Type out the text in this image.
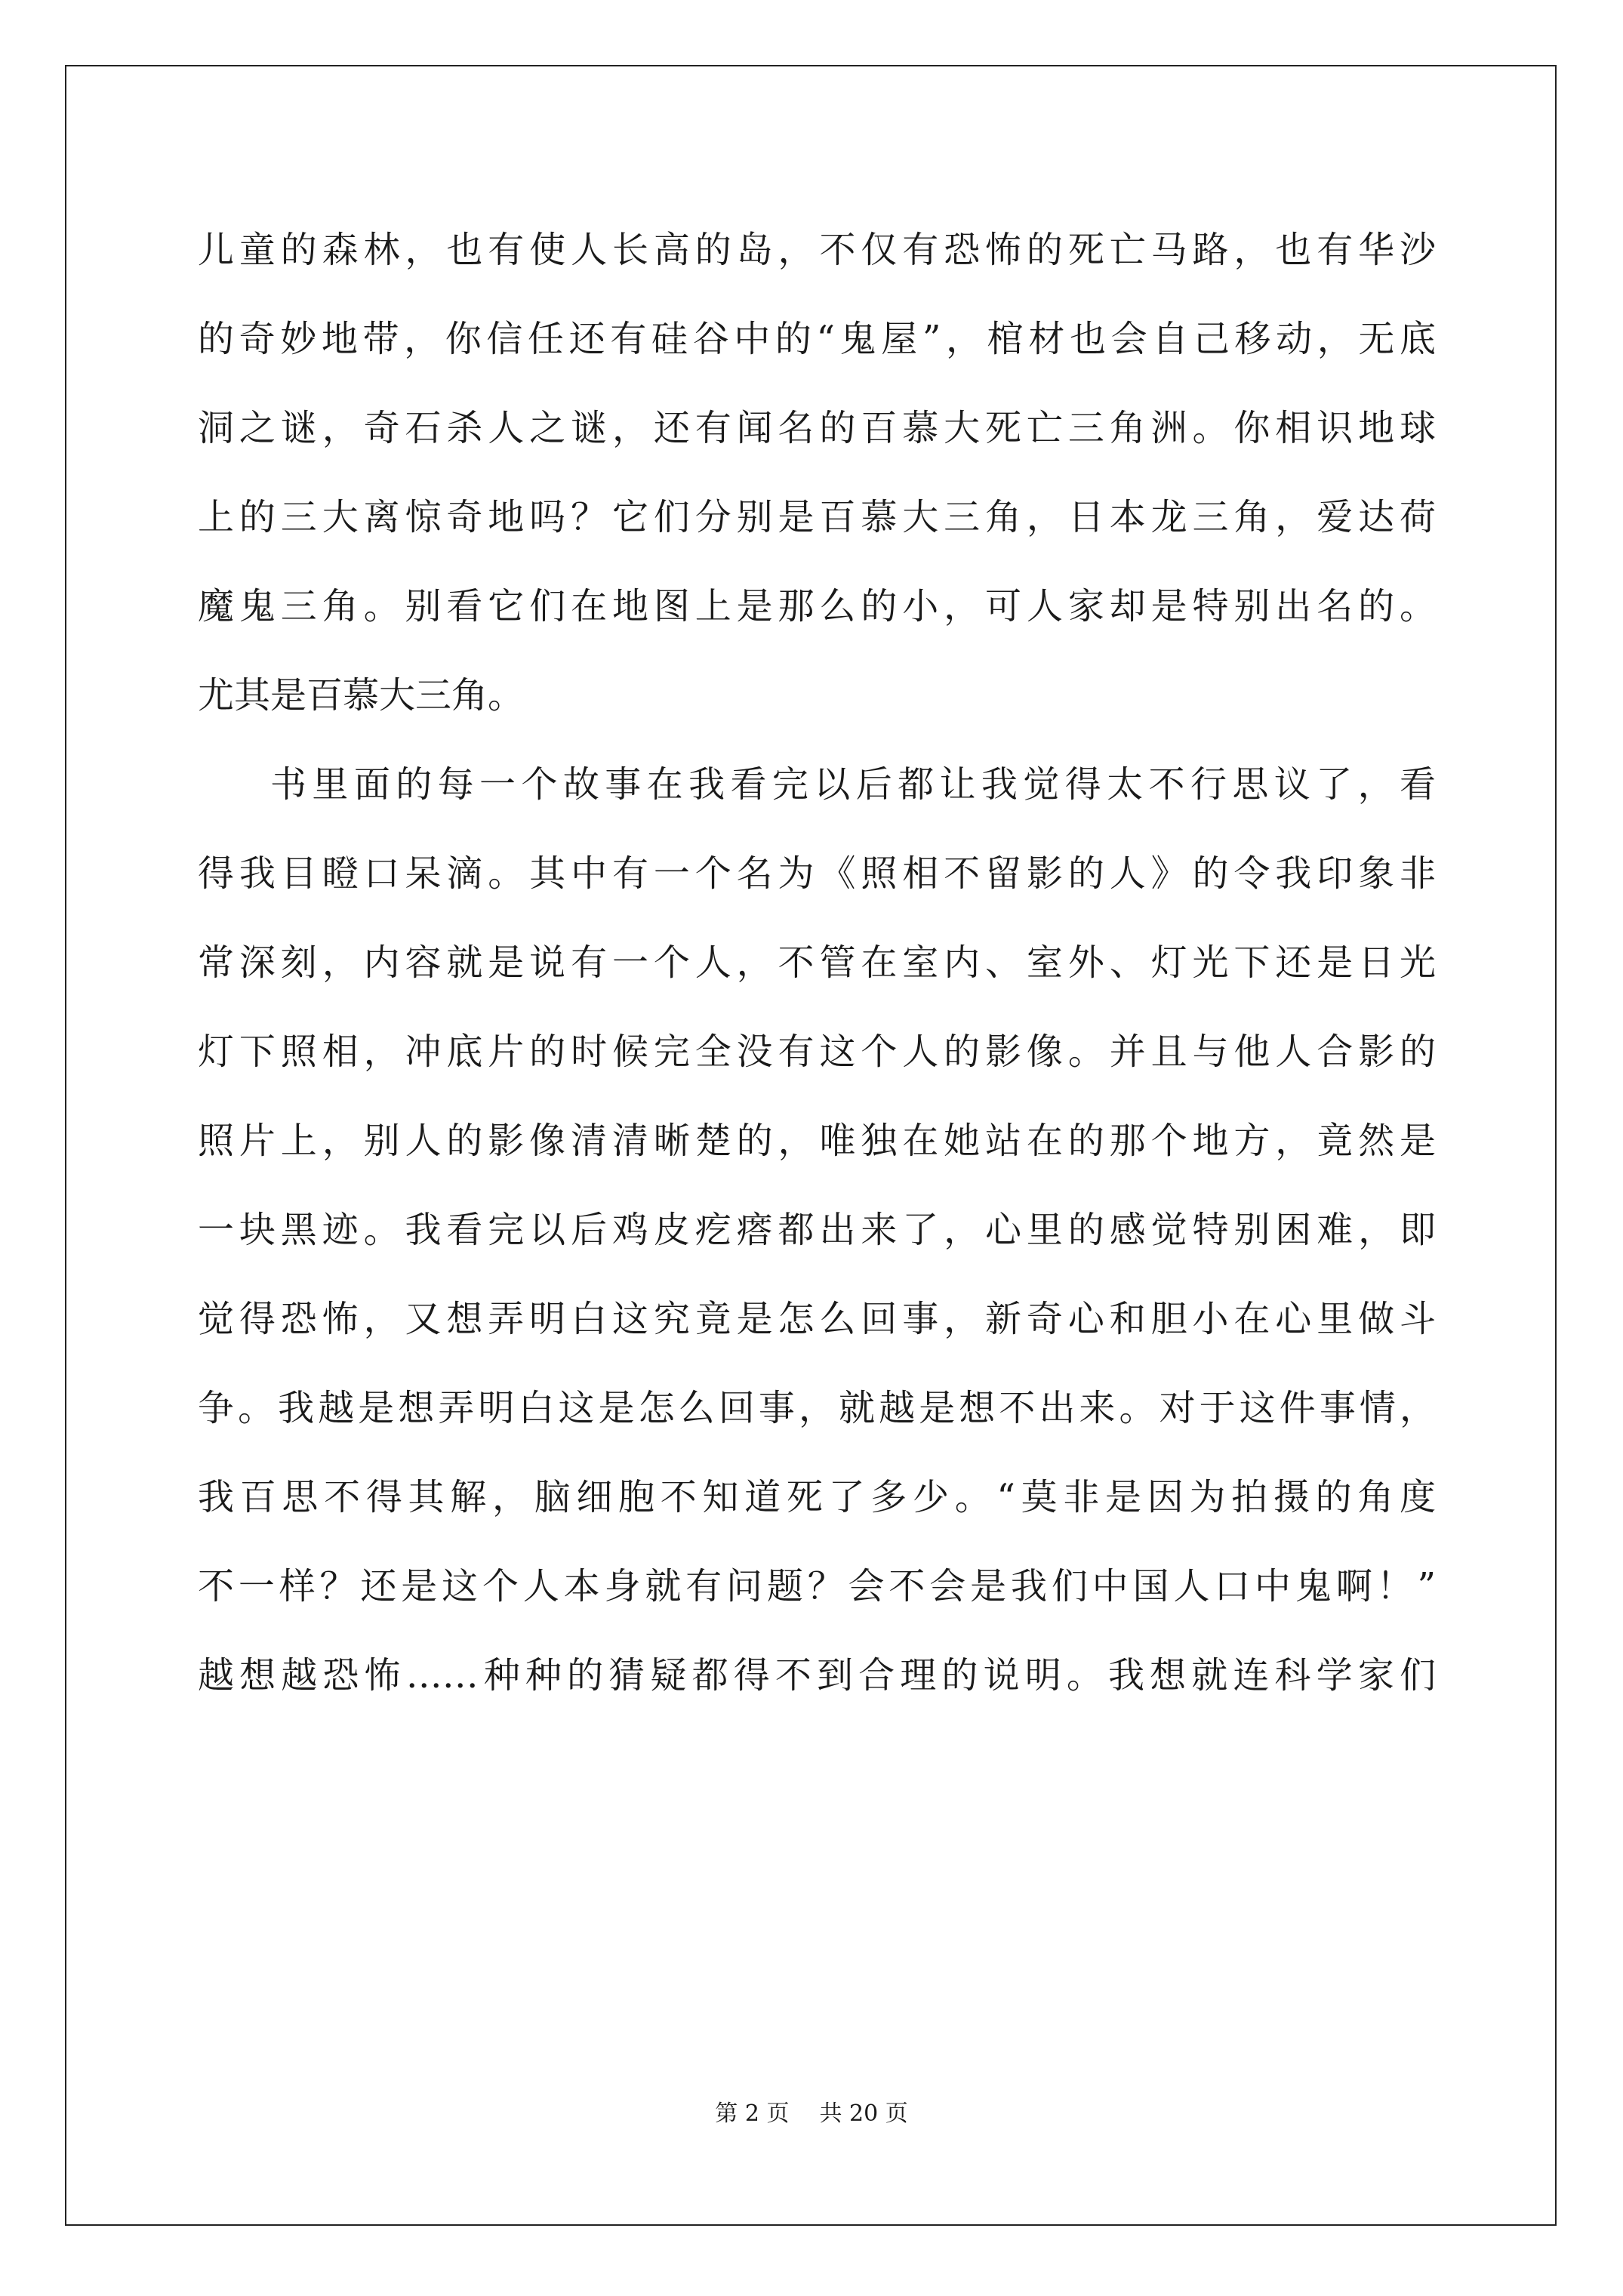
儿童的森林，也有使人长高的岛，不仅有恐怖的死亡马路，也有华沙
的奇妙地带，你信任还有硅谷中的“鬼屋”，棺材也会自己移动，无底
洞之谜，奇石杀人之谜，还有闻名的百慕大死亡三角洲。你相识地球
上的三大离惊奇地吗？它们分别是百慕大三角，日本龙三角，爱达荷
魔鬼三角。别看它们在地图上是那么的小，可人家却是特别出名的。
尤其是百慕大三角。
书里面的每一个故事在我看完以后都让我觉得太不行思议了，看
得我目瞪口呆滴。其中有一个名为《照相不留影的人》的令我印象非
常深刻，内容就是说有一个人，不管在室内、室外、灯光下还是日光
灯下照相，冲底片的时候完全没有这个人的影像。并且与他人合影的
照片上，别人的影像清清晰楚的，唯独在她站在的那个地方，竟然是
一块黑迹。我看完以后鸡皮疙瘩都出来了，心里的感觉特别困难，即
觉得恐怖，又想弄明白这究竟是怎么回事，新奇心和胆小在心里做斗
争。我越是想弄明白这是怎么回事，就越是想不出来。对于这件事情，
我百思不得其解，脑细胞不知道死了多少。“莫非是因为拍摄的角度
不一样？还是这个人本身就有问题？会不会是我们中国人口中鬼啊！”
越想越恐怖……种种的猜疑都得不到合理的说明。我想就连科学家们
第 2 页 共 20 页
